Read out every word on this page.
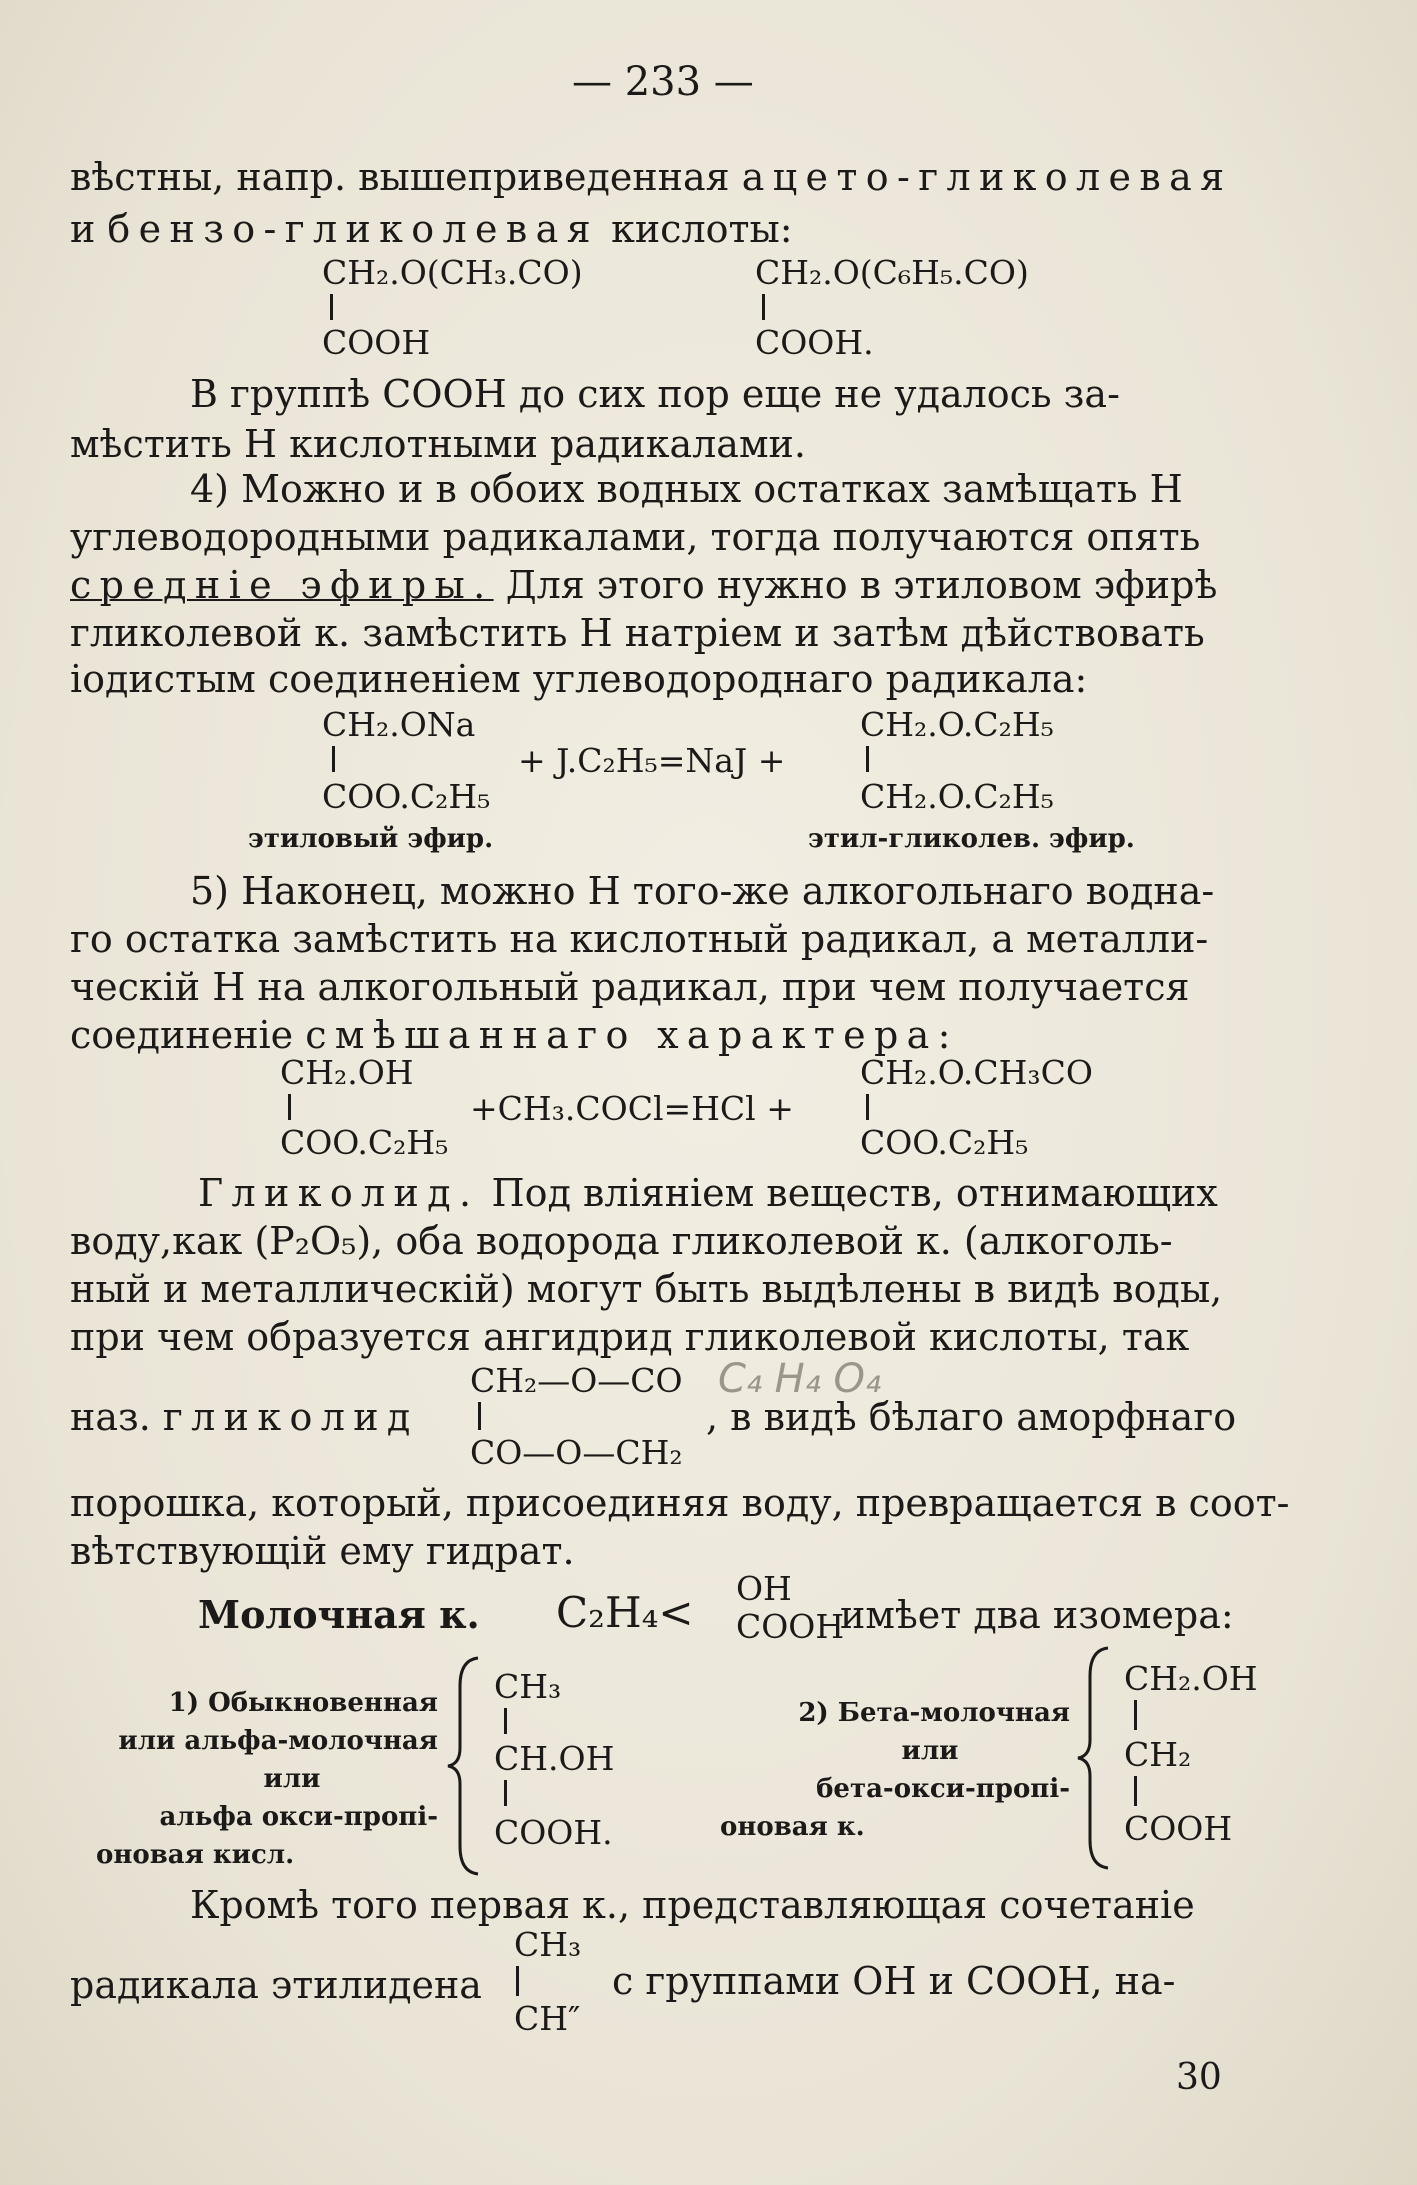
— 233 —
вѣстны, напр. вышеприведенная ацето-гликолевая
и бензо-гликолевая кислоты:
CH₂.O(CH₃.CO)
COOH
CH₂.O(C₆H₅.CO)
COOH.
В группѣ СООН до сих пор еще не удалось за-
мѣстить Н кислотными радикалами.
4) Можно и в обоих водных остатках замѣщать Н
углеводородными радикалами, тогда получаются опять
средніе эфиры. Для этого нужно в этиловом эфирѣ
гликолевой к. замѣстить Н натріем и затѣм дѣйствовать
іодистым соединеніем углеводороднаго радикала:
CH₂.ONa
COO.C₂H₅
+ J.C₂H₅=NaJ +
CH₂.O.C₂H₅
CH₂.O.C₂H₅
этиловый эфир.	этил-гликолев. эфир.
5) Наконец, можно Н того-же алкогольнаго водна-
го остатка замѣстить на кислотный радикал, а металли-
ческій Н на алкогольный радикал, при чем получается
соединеніе смѣшаннаго характера:
CH₂.OH
COO.C₂H₅
+CH₃.COCl=HCl +
CH₂.O.CH₃CO
COO.C₂H₅
Гликолид. Под вліяніем веществ, отнимающих
воду,как (P₂O₅), оба водорода гликолевой к. (алкоголь-
ный и металлическій) могут быть выдѣлены в видѣ воды,
при чем образуется ангидрид гликолевой кислоты, так
CH₂—O—CO C₄ H₄ O₄
наз. гликолид	, в видѣ бѣлаго аморфнаго
CO—O—CH₂
порошка, который, присоединяя воду, превращается в соот-
вѣтствующій ему гидрат.
Молочная к. C₂H₄< OH
COOH
имѣет два изомера:
1) Обыкновенная
или альфа-молочная
или
альфа окси-пропі-
оновая кисл.
CH₃
CH.OH
COOH.
2) Бета-молочная
или
бета-окси-пропі-
оновая к.
CH₂.OH
CH₂
COOH
Кромѣ того первая к., представляющая сочетаніе
CH₃
радикала этилидена	с группами ОН и СООН, на-
CH″
30
